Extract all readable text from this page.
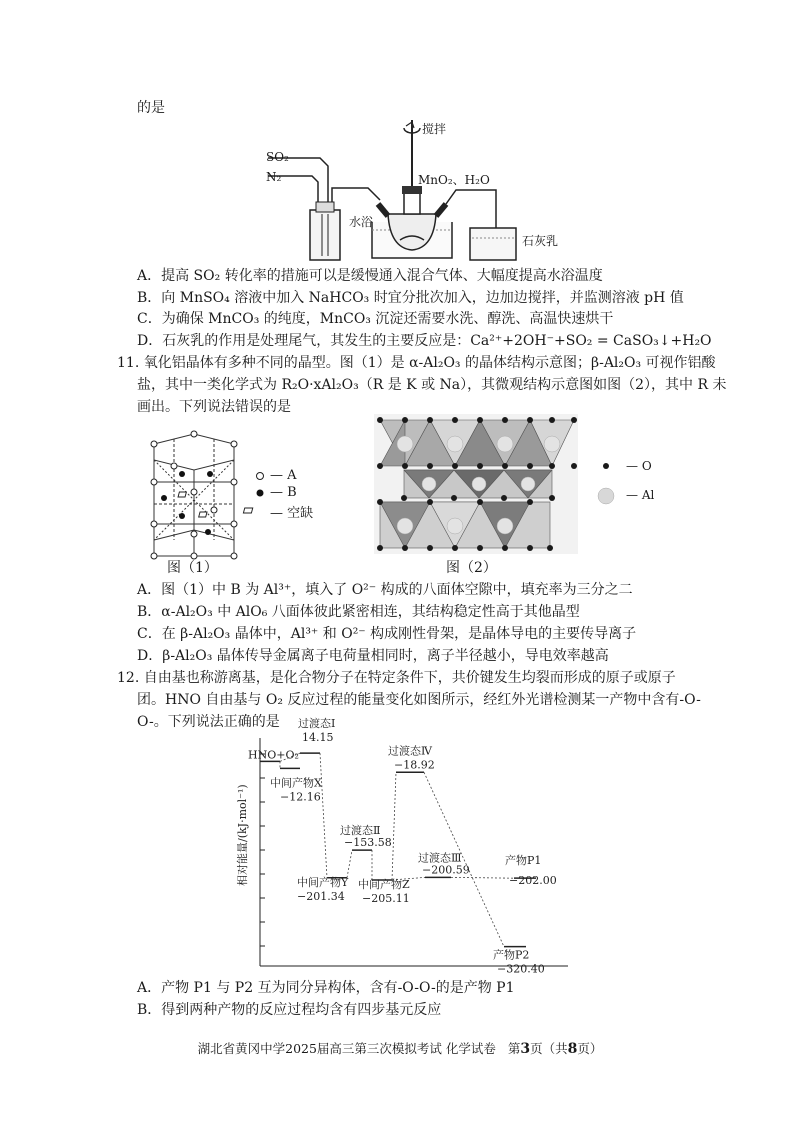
的是
搅拌
SO₂
N₂	MnO₂、H₂O
水浴
石灰乳
A．提高 SO₂ 转化率的措施可以是缓慢通入混合气体、大幅度提高水浴温度
B．向 MnSO₄ 溶液中加入 NaHCO₃ 时宜分批次加入，边加边搅拌，并监测溶液 pH 值
C．为确保 MnCO₃ 的纯度，MnCO₃ 沉淀还需要水洗、醇洗、高温快速烘干
D．石灰乳的作用是处理尾气，其发生的主要反应是：Ca²⁺+2OH⁻+SO₂ = CaSO₃↓+H₂O
11. 氧化铝晶体有多种不同的晶型。图（1）是 α-Al₂O₃ 的晶体结构示意图；β-Al₂O₃ 可视作铝酸
盐，其中一类化学式为 R₂O·xAl₂O₃（R 是 K 或 Na），其微观结构示意图如图（2），其中 R 未
画出。下列说法错误的是
— A
— B
— 空缺
图（1）
— O
— Al
图（2）
A．图（1）中 B 为 Al³⁺，填入了 O²⁻ 构成的八面体空隙中，填充率为三分之二
B．α-Al₂O₃ 中 AlO₆ 八面体彼此紧密相连，其结构稳定性高于其他晶型
C．在 β-Al₂O₃ 晶体中，Al³⁺ 和 O²⁻ 构成刚性骨架，是晶体导电的主要传导离子
D．β-Al₂O₃ 晶体传导金属离子电荷量相同时，离子半径越小，导电效率越高
12. 自由基也称游离基，是化合物分子在特定条件下，共价键发生均裂而形成的原子或原子
团。HNO 自由基与 O₂ 反应过程的能量变化如图所示，经红外光谱检测某一产物中含有-O-
O-。下列说法正确的是
相对能量/(kJ·mol⁻¹)
HNO+O₂
过渡态Ⅰ
14.15
中间产物X
−12.16
中间产物Y
−201.34
过渡态Ⅱ
−153.58
中间产物Z
−205.11
过渡态Ⅲ
−200.59
过渡态Ⅳ
−18.92
产物P1
−202.00
产物P2
−320.40
A．产物 P1 与 P2 互为同分异构体，含有-O-O-的是产物 P1
B．得到两种产物的反应过程均含有四步基元反应
湖北省黄冈中学2025届高三第三次模拟考试 化学试卷 第3页（共8页）
